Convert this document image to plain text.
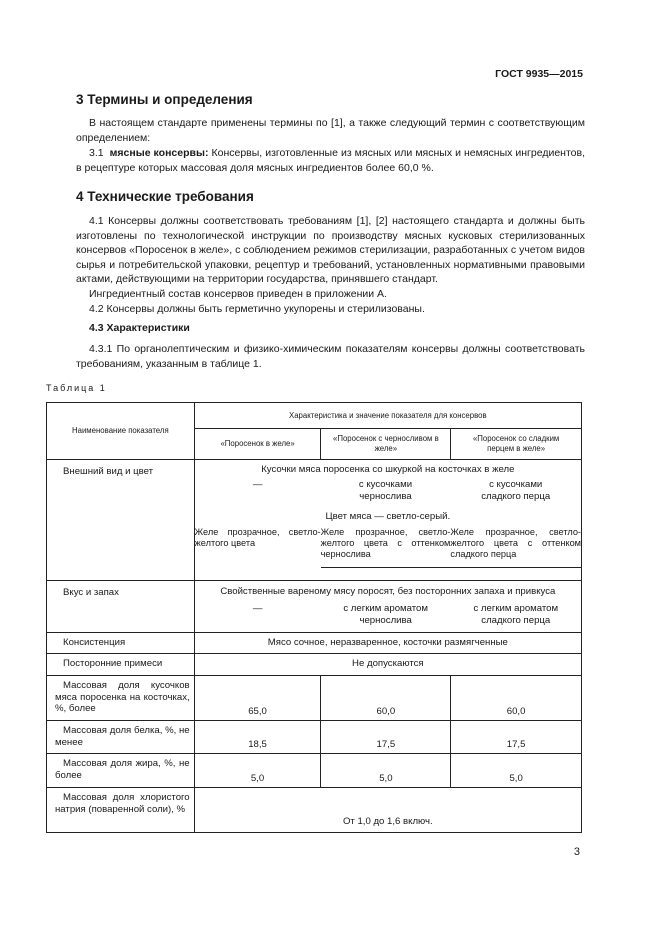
ГОСТ 9935—2015
3 Термины и определения
В настоящем стандарте применены термины по [1], а также следующий термин с соответствующим определением:
3.1 мясные консервы: Консервы, изготовленные из мясных или мясных и немясных ингредиентов, в рецептуре которых массовая доля мясных ингредиентов более 60,0 %.
4 Технические требования

4.1 Консервы должны соответствовать требованиям [1], [2] настоящего стандарта и должны быть изготовлены по технологической инструкции по производству мясных кусковых стерилизованных консервов «Поросенок в желе», с соблюдением режимов стерилизации, разработанных с учетом видов сырья и потребительской упаковки, рецептур и требований, установленных нормативными правовыми актами, действующими на территории государства, принявшего стандарт.

Ингредиентный состав консервов приведен в приложении А.

4.2 Консервы должны быть герметично укупорены и стерилизованы.

4.3 Характеристики
4.3.1 По органолептическим и физико-химическим показателям консервы должны соответствовать требованиям, указанным в таблице 1.
Таблица 1
Наименование показателя	Характеристика и значение показателя для консервов
«Поросенок в желе»	«Поросенок с черносливом в желе»	«Поросенок со сладким перцем в желе»
Внешний вид и цвет		Кусочки мяса поросенка со шкуркой на косточках в желе
—	с кусочками чернослива	с кусочками сладкого перца
Цвет мяса — светло-серый.
Желе прозрачное, светло-желтого цвета	Желе прозрачное, светло-желтого цвета с оттенком чернослива	Желе прозрачное, светло-желтого цвета с оттенком сладкого перца

Вкус и запах		Свойственные вареному мясу поросят, без посторонних запаха и привкуса
—	с легким ароматом чернослива	с легким ароматом сладкого перца

Консистенция	Мясо сочное, неразваренное, косточки размягченные
Посторонние примеси	Не допускаются
Массовая доля кусочков мяса поросенка на косточках, %, более	65,0	60,0	60,0
Массовая доля белка, %, не менее	18,5	17,5	17,5
Массовая доля жира, %, не более	5,0	5,0	5,0
Массовая доля хлористого натрия (поваренной соли), %	От 1,0 до 1,6 включ.
3
